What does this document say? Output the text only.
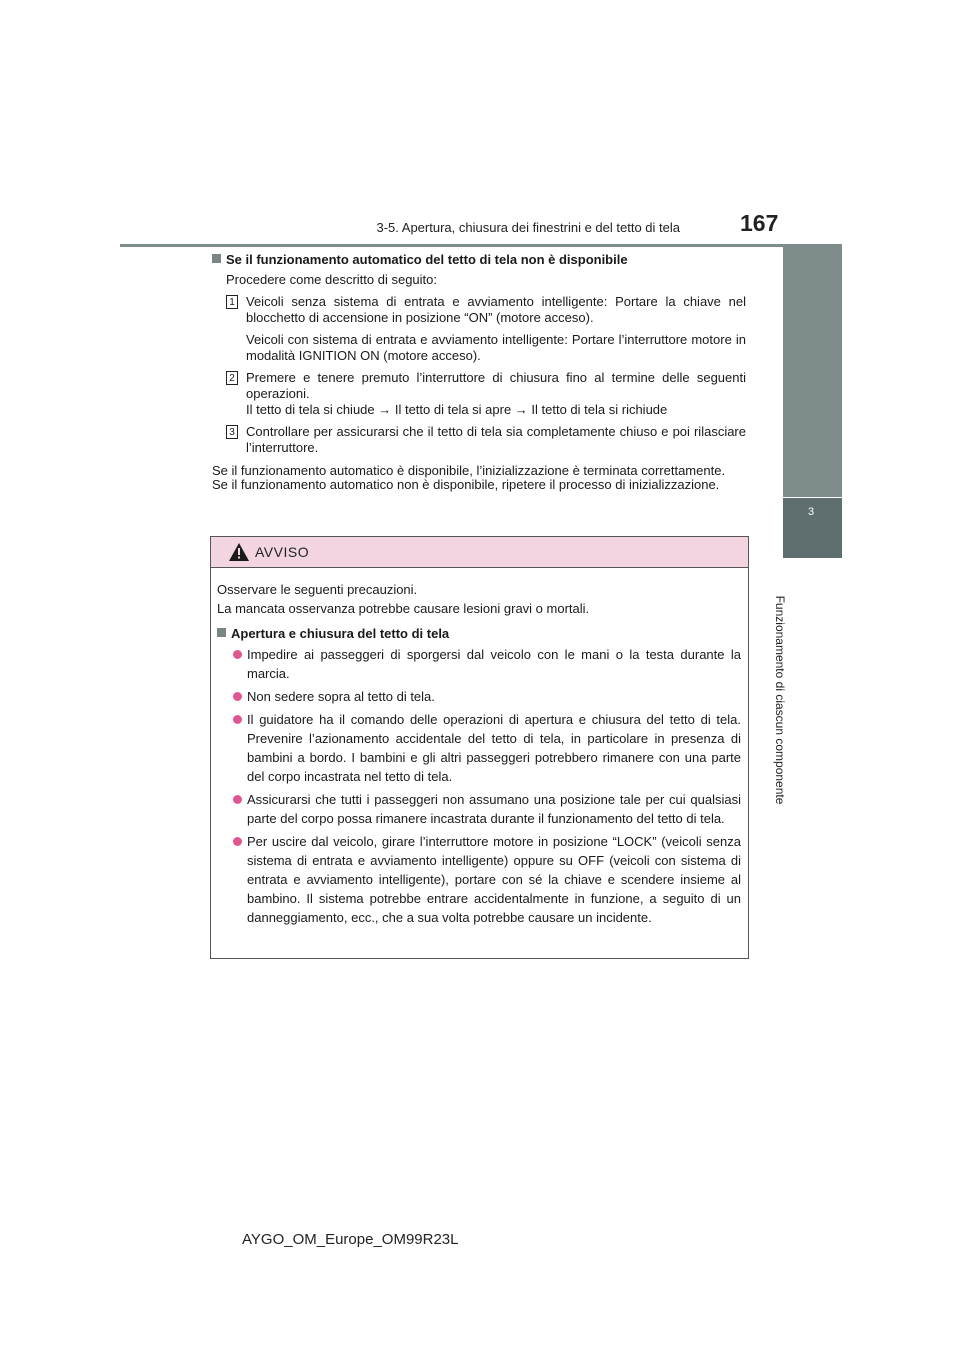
3-5. Apertura, chiusura dei finestrini e del tetto di tela	167
3
Funzionamento di ciascun componente

Se il funzionamento automatico del tetto di tela non è disponibile

Procedere come descritto di seguito:

1 Veicoli senza sistema di entrata e avviamento intelligente: Portare la chiave nel blocchetto di accensione in posizione “ON” (motore acceso).
Veicoli con sistema di entrata e avviamento intelligente: Portare l’interruttore motore in modalità IGNITION ON (motore acceso).
2 Premere e tenere premuto l’interruttore di chiusura fino al termine delle seguenti operazioni.
Il tetto di tela si chiude → Il tetto di tela si apre → Il tetto di tela si richiude
3 Controllare per assicurarsi che il tetto di tela sia completamente chiuso e poi rilasciare l’interruttore.
Se il funzionamento automatico è disponibile, l’inizializzazione è terminata correttamente.
Se il funzionamento automatico non è disponibile, ripetere il processo di inizializzazione.
AVVISO

Osservare le seguenti precauzioni.

La mancata osservanza potrebbe causare lesioni gravi o mortali.

Apertura e chiusura del tetto di tela

Impedire ai passeggeri di sporgersi dal veicolo con le mani o la testa durante la marcia.
Non sedere sopra al tetto di tela.
Il guidatore ha il comando delle operazioni di apertura e chiusura del tetto di tela. Prevenire l’azionamento accidentale del tetto di tela, in particolare in presenza di bambini a bordo. I bambini e gli altri passeggeri potrebbero rimanere con una parte del corpo incastrata nel tetto di tela.
Assicurarsi che tutti i passeggeri non assumano una posizione tale per cui qualsiasi parte del corpo possa rimanere incastrata durante il funzionamento del tetto di tela.
Per uscire dal veicolo, girare l’interruttore motore in posizione “LOCK” (veicoli senza sistema di entrata e avviamento intelligente) oppure su OFF (veicoli con sistema di entrata e avviamento intelligente), portare con sé la chiave e scendere insieme al bambino. Il sistema potrebbe entrare accidentalmente in funzione, a seguito di un danneggiamento, ecc., che a sua volta potrebbe causare un incidente.
AYGO_OM_Europe_OM99R23L
